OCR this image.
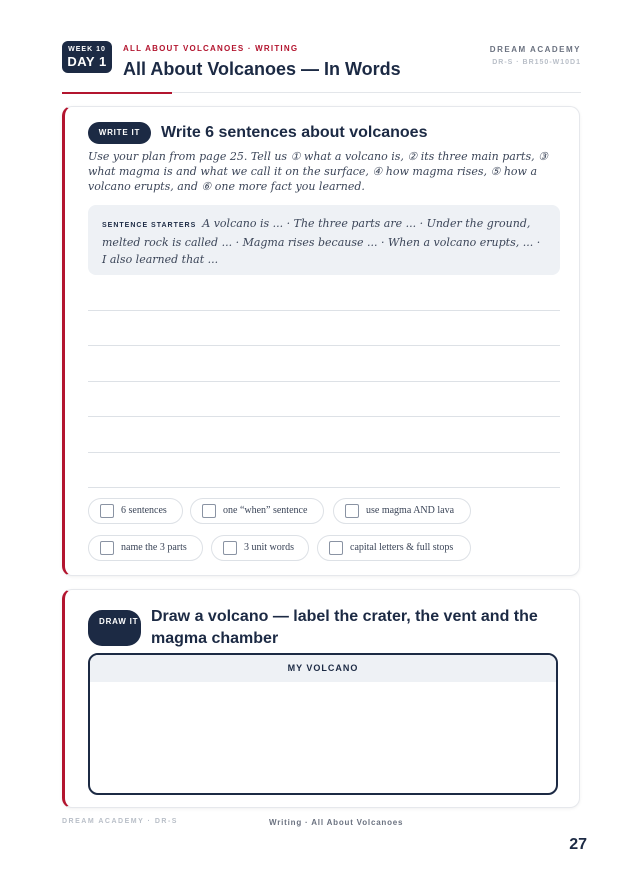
WEEK 10
DAY 1
ALL ABOUT VOLCANOES · WRITING
All About Volcanoes — In Words
DREAM ACADEMY
DR-S · BR150-W10D1
WRITE IT	Write 6 sentences about volcanoes

Use your plan from page 25. Tell us ① what a volcano is, ② its three main parts, ③ what magma is and what we call it on the surface, ④ how magma rises, ⑤ how a volcano erupts, and ⑥ one more fact you learned.

SENTENCE STARTERS A volcano is ... · The three parts are ... · Under the ground, melted rock is called ... · Magma rises because ... · When a volcano erupts, ... · I also learned that ...
6 sentences	one “when” sentence	use magma AND lava
name the 3 parts	3 unit words	capital letters & full stops
DRAW IT Draw a volcano — label the crater, the vent and the magma chamber
MY VOLCANO
DREAM ACADEMY · DR-S	Writing · All About Volcanoes
27
